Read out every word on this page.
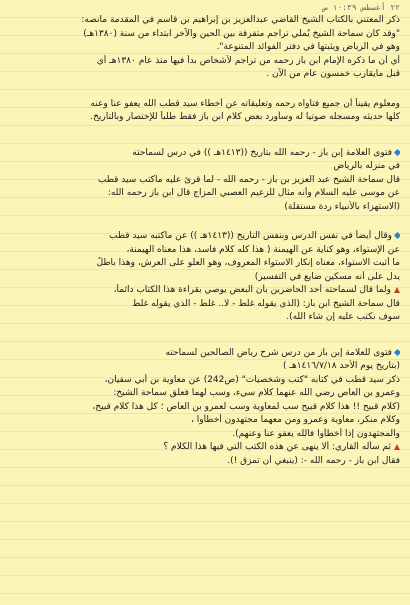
٢٢ أغسطس ١٠:٣٩ ص
ذكر المعتني بالكتاب الشيخ القاضي عبدالعزيز بن إبراهيم بن قاسم في المقدمة مانصه:
"وقد كان سماحة الشيخ يُملي تراجم متفرقة بين الحين والآخر ابتداء من سنة (١٣٨٠هـ)
وهو في الرياض ويثبتها في دفتر الفوائد المتنوعة".
أي أن ما ذكره الإمام ابن باز رحمه من تراجم لأشخاص بدأ فيها منذ عام ١٣٨٠هـ أي
قبل مايقارب خمسون عام من الآن .
ومعلوم يقيناً أن جميع فتاواه رحمه وتعليقاته عن أخطاء سيد قطب الله يعفو عنا وعنه
كلها حديثه ومسجله صوتيا له وسأورد بعض كلام ابن باز فقط طلباً للإختصار وبالتاريخ.
فتوى العلامة إبن باز - رحمه الله بتاريخ ((١٤١٣هـ )) في درس لسماحته
في منزله بالرياض
قال سماحة الشيخ عبد العزيز بن باز - رحمه الله - لما قرئ عليه ماكتب سيد قطب
عن موسى عليه السلام وأنه مثال للزعيم العصبي المزاج قال ابن باز رحمه الله:
(الاستهزاء بالأنبياء ردة مستقلة)
وقال أيضاً في نفس الدرس وبنفس التاريخ ((١٤١٣هـ )) عن ماكتبه سيد قطب
عن الإستواء، وهو كناية عن الهيمنة ( هذا كله كلام فاسد، هذا معناه الهيمنة،
ما أثبت الاستواء، معناه إنكار الاستواء المعروف، وهو العلو على العرش، وهذا باطلٌ
يدل على أنه مسكين ضايع في التفسير)
ولما قال لسماحته أحد الحاضرين بأن البعض يوصي بقراءة هذا الكتاب دائماً،
قال سماحة الشيخ ابن باز: (الذي يقوله غلط - لا.. غلط - الذي يقوله غلط
سوف نكتب عليه إن شاء الله).
فتوى للعلامة إبن باز من درس شرح رياض الصالحين لسماحته
(بتاريخ يوم الأحد ١٤١٦/٧/١٨هـ )
ذكر سيد قطب في كتابه "كتب وشخصيات" (ص242) عن معاوية بن أبي سفيان،
وعمرو بن العاص رضي الله عنهما كلام سيء، وسب لهما فعلق سماحة الشيخ:
(كلام قبيح !! هذا كلام قبيح سب لمعاوية وسب لعمرو بن العاص ؛ كل هذا كلام قبيح،
وكلام منكر، معاوية وعمرو ومن معهما مجتهدون أخطأوا ،
والمجتهدون إذا أخطأوا فالله يعفو عنا وعنهم).
ثم سأله القاري: ألا ينهى عن هذه الكتب التي فيها هذا الكلام ؟
فقال ابن باز - رحمه الله -: (ينبغي أن تمزق !).
